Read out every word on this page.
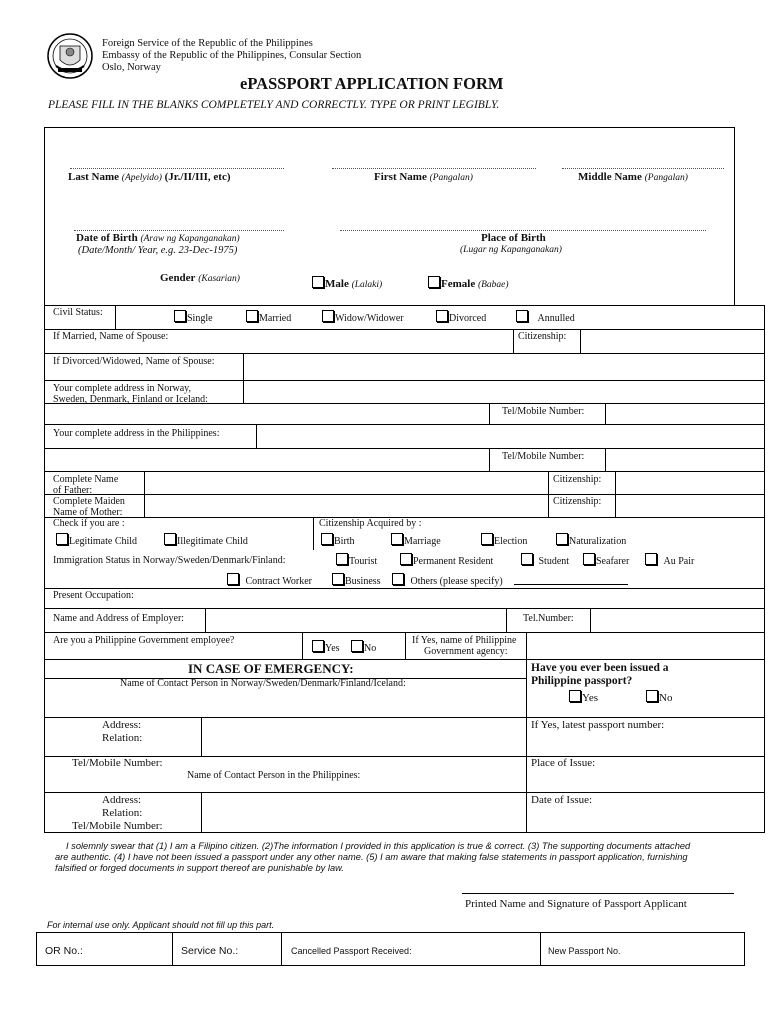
Foreign Service of the Republic of the Philippines
Embassy of the Republic of the Philippines, Consular Section
Oslo, Norway
ePASSPORT APPLICATION FORM
PLEASE FILL IN THE BLANKS COMPLETELY AND CORRECTLY. TYPE OR PRINT LEGIBLY.
Last Name (Apelyido) (Jr./II/III, etc)	First Name (Pangalan)	Middle Name (Pangalan)
Date of Birth (Araw ng Kapanganakan)
(Date/Month/ Year, e.g. 23-Dec-1975)
Place of Birth
(Lugar ng Kapanganakan)
Gender (Kasarian)	Male (Lalaki)	Female (Babae)
Civil Status:
Single	Married	Widow/Widower	Divorced	Annulled
If Married, Name of Spouse:	Citizenship:
If Divorced/Widowed, Name of Spouse:
Your complete address in Norway,
Sweden, Denmark, Finland or Iceland:
Tel/Mobile Number:
Your complete address in the Philippines:
Tel/Mobile Number:
Complete Name
of Father:
Citizenship:
Complete Maiden
Name of Mother:
Citizenship:
Check if you are :
Legitimate Child	Illegitimate Child
Citizenship Acquired by :
Birth	Marriage	Election	Naturalization
Immigration Status in Norway/Sweden/Denmark/Finland:	Tourist	Permanent Resident	Student	Seafarer	Au Pair
Contract Worker	Business	Others (please specify)
Present Occupation:
Name and Address of Employer:	Tel.Number:
Are you a Philippine Government employee?
Yes	No
If Yes, name of Philippine
Government agency:
IN CASE OF EMERGENCY:
Name of Contact Person in Norway/Sweden/Denmark/Finland/Iceland:
Address:
Relation:
Tel/Mobile Number:
Name of Contact Person in the Philippines:
Address:
Relation:
Tel/Mobile Number:
Have you ever been issued a
Philippine passport?
Yes	No
If Yes, latest passport number:
Place of Issue:
Date of Issue:
I solemnly swear that (1) I am a Filipino citizen. (2)The information I provided in this application is true & correct. (3) The supporting documents attached
are authentic. (4) I have not been issued a passport under any other name. (5) I am aware that making false statements in passport application, furnishing
falsified or forged documents in support thereof are punishable by law.
Printed Name and Signature of Passport Applicant
For internal use only. Applicant should not fill up this part.
OR No.:	Service No.:	Cancelled Passport Received:	New Passport No.
